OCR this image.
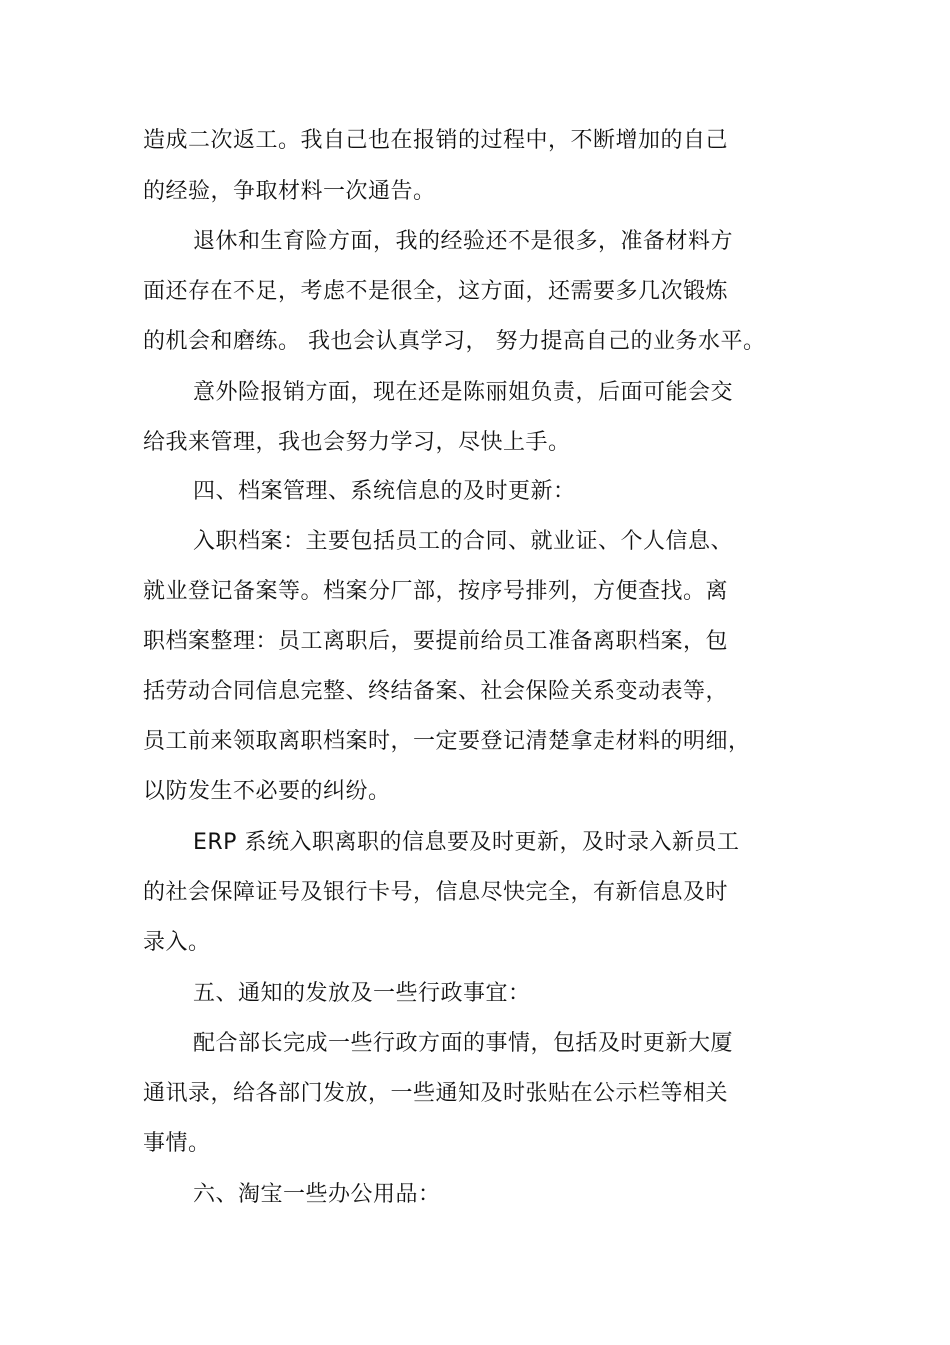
造成二次返工。我自己也在报销的过程中，不断增加的自己
的经验，争取材料一次通告。
退休和生育险方面，我的经验还不是很多，准备材料方
面还存在不足，考虑不是很全，这方面，还需要多几次锻炼
的机会和磨练。 我也会认真学习， 努力提高自己的业务水平。
意外险报销方面，现在还是陈丽姐负责，后面可能会交
给我来管理，我也会努力学习，尽快上手。
四、档案管理、系统信息的及时更新：
入职档案：主要包括员工的合同、就业证、个人信息、
就业登记备案等。档案分厂部，按序号排列，方便查找。离
职档案整理：员工离职后，要提前给员工准备离职档案，包
括劳动合同信息完整、终结备案、社会保险关系变动表等，
员工前来领取离职档案时，一定要登记清楚拿走材料的明细，
以防发生不必要的纠纷。
ERP 系统入职离职的信息要及时更新，及时录入新员工
的社会保障证号及银行卡号，信息尽快完全，有新信息及时
录入。
五、通知的发放及一些行政事宜：
配合部长完成一些行政方面的事情，包括及时更新大厦
通讯录，给各部门发放，一些通知及时张贴在公示栏等相关
事情。
六、淘宝一些办公用品：
